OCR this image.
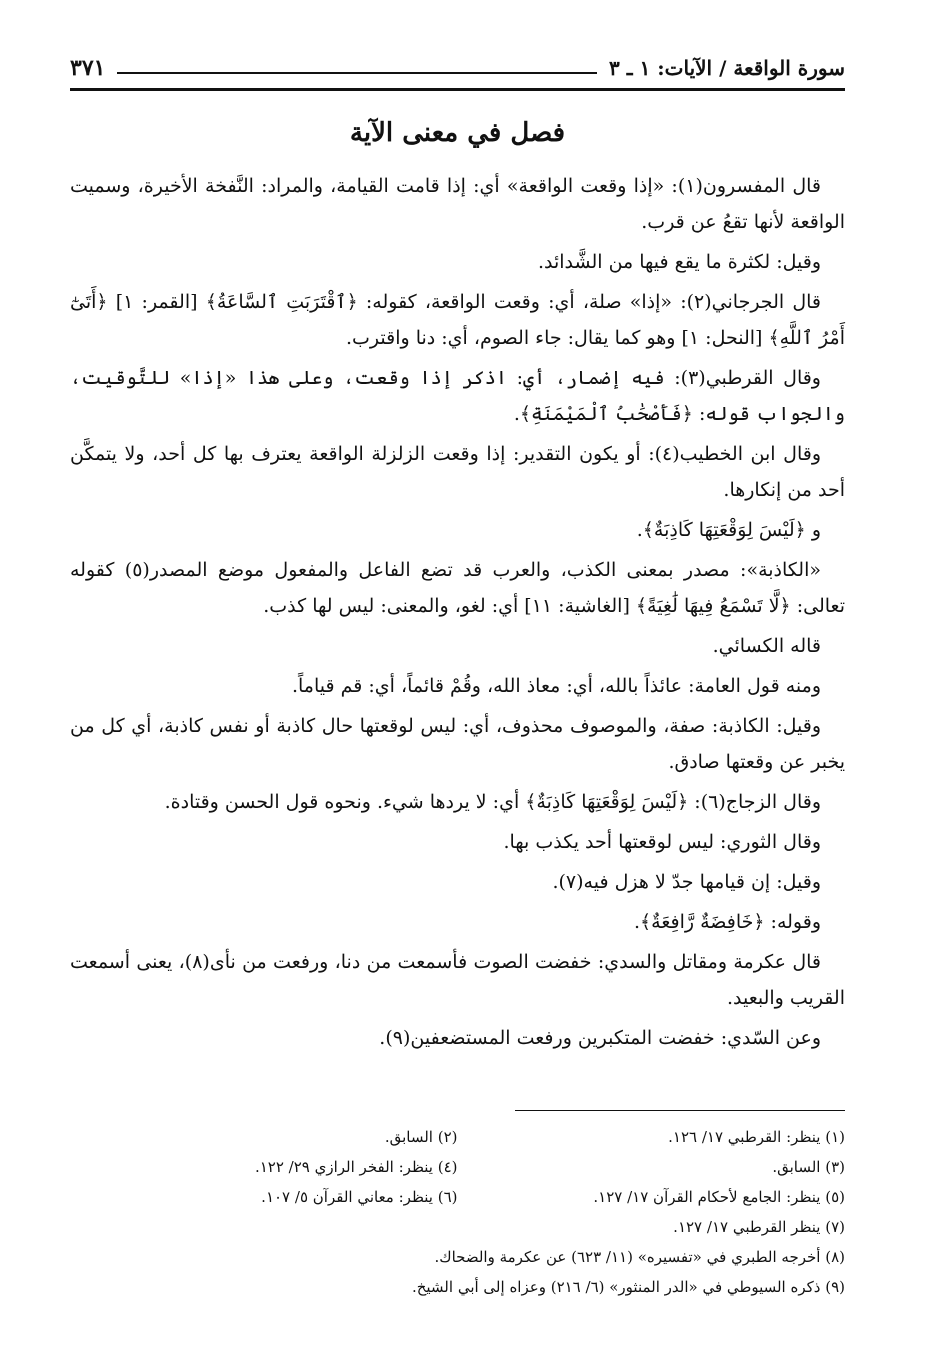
سورة الواقعة / الآيات: ١ ـ ٣
٣٧١
فصل في معنى الآية

قال المفسرون(١): «إذا وقعت الواقعة» أي: إذا قامت القيامة، والمراد: النَّفخة الأخيرة، وسميت الواقعة لأنها تقعُ عن قرب.

وقيل: لكثرة ما يقع فيها من الشَّدائد.

قال الجرجاني(٢): «إذا» صلة، أي: وقعت الواقعة، كقوله: ﴿ٱقْتَرَبَتِ ٱلسَّاعَةُ﴾ [القمر: ١] ﴿أَتَىٰٓ أَمْرُ ٱللَّهِ﴾ [النحل: ١] وهو كما يقال: جاء الصوم، أي: دنا واقترب.

وقال القرطبي(٣): فيه إضمار، أي: اذكر إذا وقعت، وعلى هذا «إذا» للتَّوقيت، والجواب قوله: ﴿فَأَصْحَٰبُ ٱلْمَيْمَنَةِ﴾.

وقال ابن الخطيب(٤): أو يكون التقدير: إذا وقعت الزلزلة الواقعة يعترف بها كل أحد، ولا يتمكَّن أحد من إنكارها.

و ﴿لَيْسَ لِوَقْعَتِهَا كَاذِبَةٌ﴾.

«الكاذبة»: مصدر بمعنى الكذب، والعرب قد تضع الفاعل والمفعول موضع المصدر(٥) كقوله تعالى: ﴿لَّا تَسْمَعُ فِيهَا لَٰغِيَةً﴾ [الغاشية: ١١] أي: لغو، والمعنى: ليس لها كذب.

قاله الكسائي.

ومنه قول العامة: عائذاً بالله، أي: معاذ الله، وقُمْ قائماً، أي: قم قياماً.

وقيل: الكاذبة: صفة، والموصوف محذوف، أي: ليس لوقعتها حال كاذبة أو نفس كاذبة، أي كل من يخبر عن وقعتها صادق.

وقال الزجاج(٦): ﴿لَيْسَ لِوَقْعَتِهَا كَاذِبَةٌ﴾ أي: لا يردها شيء. ونحوه قول الحسن وقتادة.

وقال الثوري: ليس لوقعتها أحد يكذب بها.

وقيل: إن قيامها جدّ لا هزل فيه(٧).

وقوله: ﴿خَافِضَةٌ رَّافِعَةٌ﴾.

قال عكرمة ومقاتل والسدي: خفضت الصوت فأسمعت من دنا، ورفعت من نأى(٨)، يعنى أسمعت القريب والبعيد.

وعن السّدي: خفضت المتكبرين ورفعت المستضعفين(٩).

(١) ينظر: القرطبي ١٧/ ١٢٦.
(٢) السابق.
(٣) السابق.
(٤) ينظر: الفخر الرازي ٢٩/ ١٢٢.
(٥) ينظر: الجامع لأحكام القرآن ١٧/ ١٢٧.
(٦) ينظر: معاني القرآن ٥/ ١٠٧.
(٧) ينظر القرطبي ١٧/ ١٢٧.
(٨) أخرجه الطبري في «تفسيره» (١١/ ٦٢٣) عن عكرمة والضحاك.
(٩) ذكره السيوطي في «الدر المنثور» (٦/ ٢١٦) وعزاه إلى أبي الشيخ.
